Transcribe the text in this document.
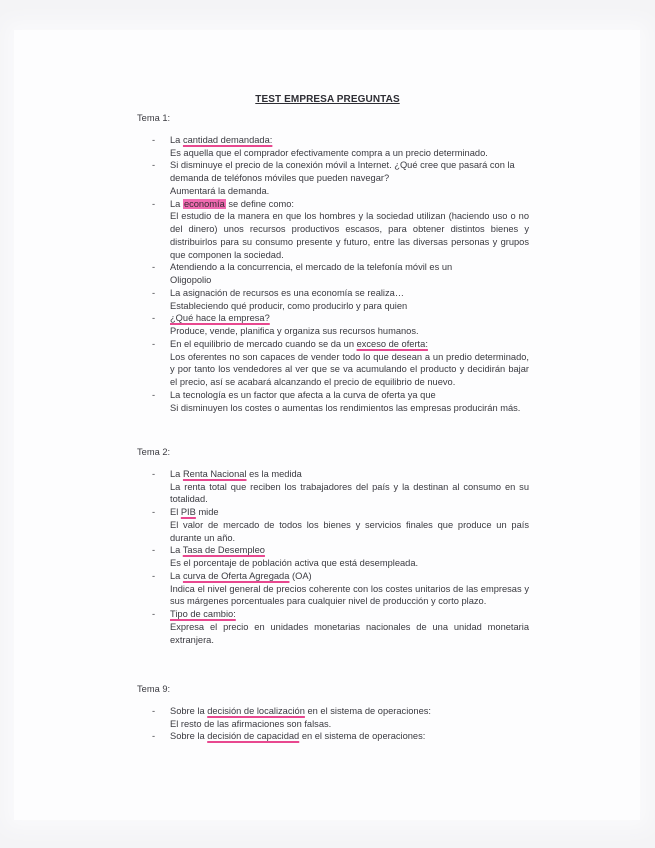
TEST EMPRESA PREGUNTAS
Tema 1:
- La cantidad demandada:
Es aquella que el comprador efectivamente compra a un precio determinado.
- Si disminuye el precio de la conexión móvil a Internet. ¿Qué cree que pasará con la demanda de teléfonos móviles que pueden navegar?
Aumentará la demanda.
- La economía se define como:
El estudio de la manera en que los hombres y la sociedad utilizan (haciendo uso o no del dinero) unos recursos productivos escasos, para obtener distintos bienes y distribuirlos para su consumo presente y futuro, entre las diversas personas y grupos que componen la sociedad.
- Atendiendo a la concurrencia, el mercado de la telefonía móvil es un
Oligopolio
- La asignación de recursos es una economía se realiza…
Estableciendo qué producir, como producirlo y para quien
- ¿Qué hace la empresa?
Produce, vende, planifica y organiza sus recursos humanos.
- En el equilibrio de mercado cuando se da un exceso de oferta:
Los oferentes no son capaces de vender todo lo que desean a un predio determinado, y por tanto los vendedores al ver que se va acumulando el producto y decidirán bajar el precio, así se acabará alcanzando el precio de equilibrio de nuevo.
- La tecnología es un factor que afecta a la curva de oferta ya que
Si disminuyen los costes o aumentas los rendimientos las empresas producirán más.
Tema 2:
- La Renta Nacional es la medida
La renta total que reciben los trabajadores del país y la destinan al consumo en su totalidad.
- El PIB mide
El valor de mercado de todos los bienes y servicios finales que produce un país durante un año.
- La Tasa de Desempleo
Es el porcentaje de población activa que está desempleada.
- La curva de Oferta Agregada (OA)
Indica el nivel general de precios coherente con los costes unitarios de las empresas y sus márgenes porcentuales para cualquier nivel de producción y corto plazo.
- Tipo de cambio:
Expresa el precio en unidades monetarias nacionales de una unidad monetaria extranjera.
Tema 9:
- Sobre la decisión de localización en el sistema de operaciones:
El resto de las afirmaciones son falsas.
- Sobre la decisión de capacidad en el sistema de operaciones:
